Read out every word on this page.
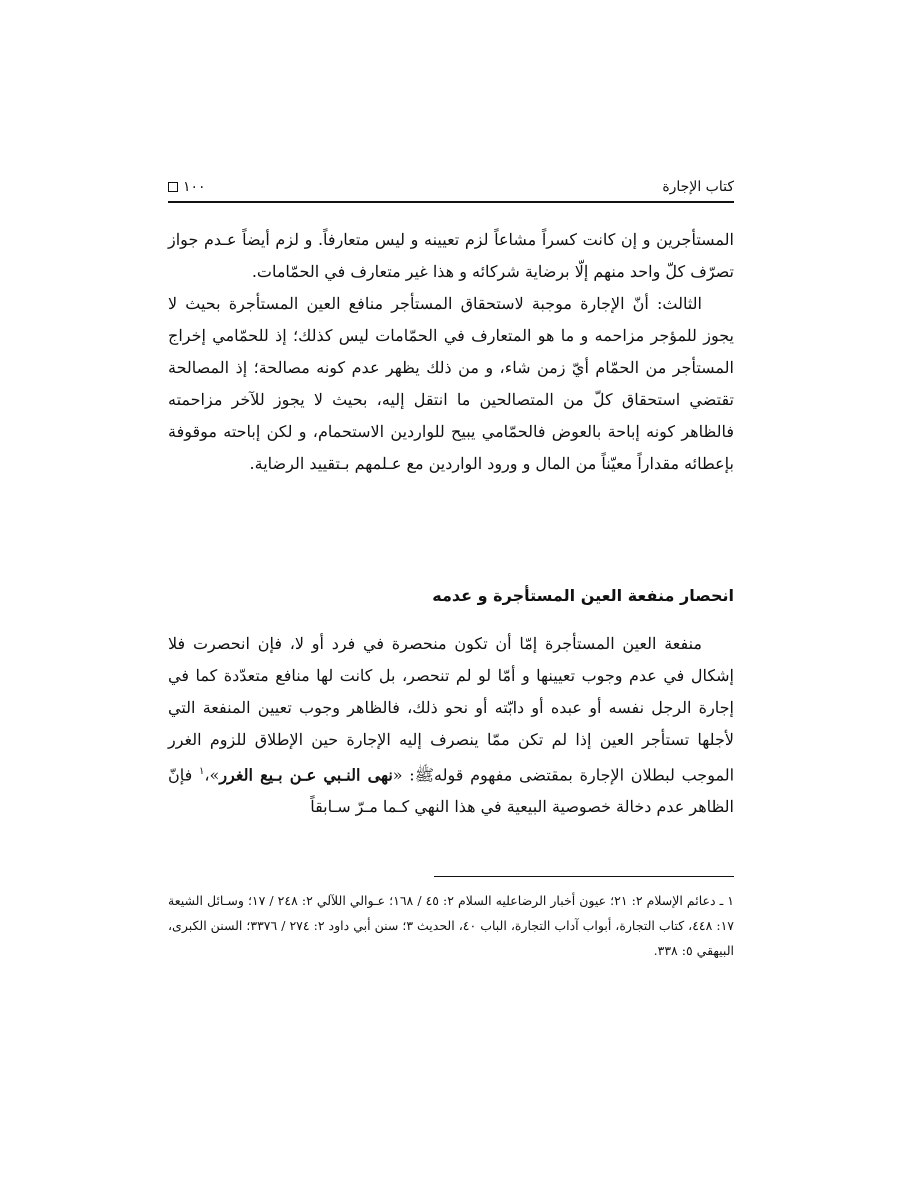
كتاب الإجارة
١٠٠

المستأجرين و إن كانت كسراً مشاعاً لزم تعيينه و ليس متعارفاً. و لزم أيضاً عـدم جواز تصرّف كلّ واحد منهم إلّا برضاية شركائه و هذا غير متعارف في الحمّامات.

الثالث: أنّ الإجارة موجبة لاستحقاق المستأجر منافع العين المستأجرة بحيث لا يجوز للمؤجر مزاحمه و ما هو المتعارف في الحمّامات ليس كذلك؛ إذ للحمّامي إخراج المستأجر من الحمّام أيّ زمن شاء، و من ذلك يظهر عدم كونه مصالحة؛ إذ المصالحة تقتضي استحقاق كلّ من المتصالحين ما انتقل إليه، بحيث لا يجوز للآخر مزاحمته فالظاهر كونه إباحة بالعوض فالحمّامي يبيح للواردين الاستحمام، و لكن إباحته موقوفة بإعطائه مقداراً معيّناً من المال و ورود الواردين مع عـلمهم بـتقييد الرضاية.

انحصار منفعة العين المستأجرة و عدمه

منفعة العين المستأجرة إمّا أن تكون منحصرة في فرد أو لا، فإن انحصرت فلا إشكال في عدم وجوب تعيينها و أمّا لو لم تنحصر، بل كانت لها منافع متعدّدة كما في إجارة الرجل نفسه أو عبده أو دابّته أو نحو ذلك، فالظاهر وجوب تعيين المنفعة التي لأجلها تستأجر العين إذا لم تكن ممّا ينصرف إليه الإجارة حين الإطلاق للزوم الغرر الموجب لبطلان الإجارة بمقتضى مفهوم قولهﷺ: «نهى النـبي عـن بـيع الغرر»،$^١$ فإنّ الظاهر عدم دخالة خصوصية البيعية في هذا النهي كـما مـرّ سـابقاً

١ ـ دعائم الإسلام ٢: ٢١؛ عيون أخبار الرضاعليه السلام ٢: ٤٥ / ١٦٨؛ عـوالي اللآلي ٢: ٢٤٨ / ١٧؛ وسـائل الشيعة ١٧: ٤٤٨، كتاب التجارة، أبواب آداب التجارة، الباب ٤٠، الحديث ٣؛ سنن أبي داود ٢: ٢٧٤ / ٣٣٧٦؛ السنن الكبرى، البيهقي ٥: ٣٣٨.
